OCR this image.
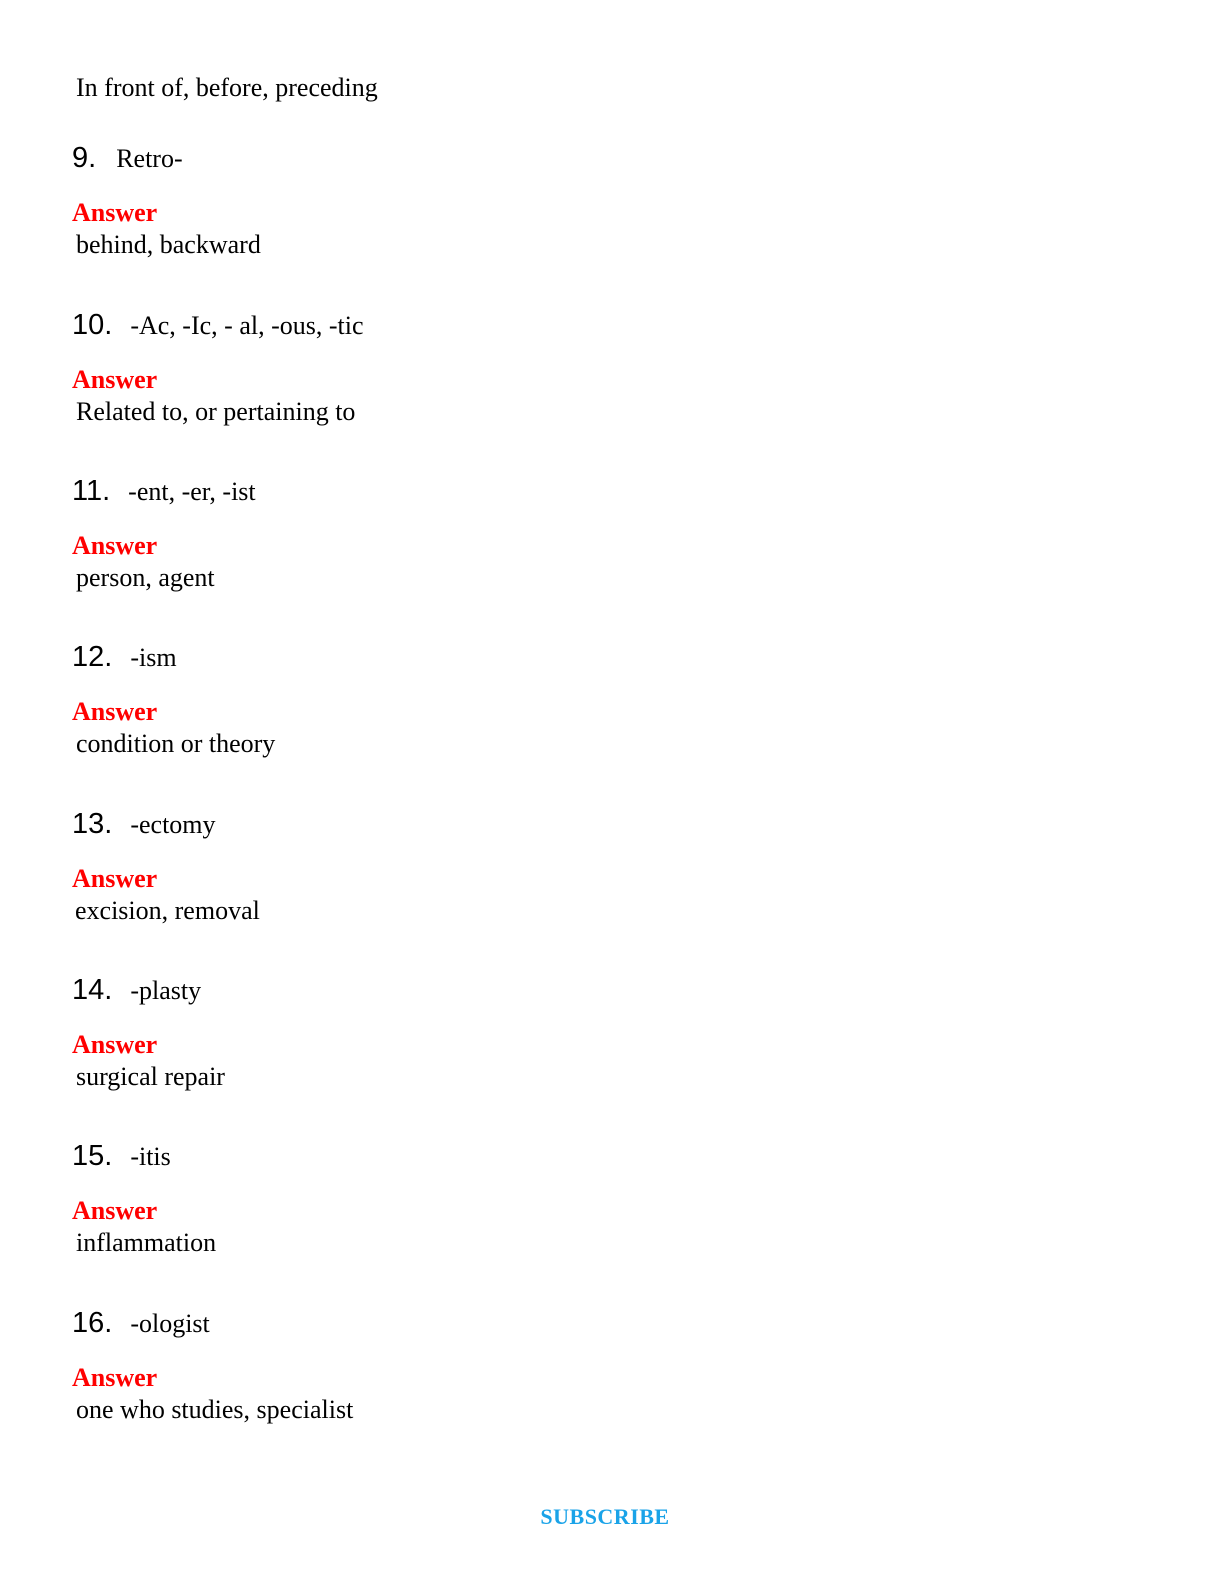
In front of, before, preceding
9. Retro-
Answer
behind, backward
10. -Ac, -Ic, - al, -ous, -tic
Answer
Related to, or pertaining to
11. -ent, -er, -ist
Answer
person, agent
12. -ism
Answer
condition or theory
13. -ectomy
Answer
excision, removal
14. -plasty
Answer
surgical repair
15. -itis
Answer
inflammation
16. -ologist
Answer
one who studies, specialist
SUBSCRIBE
